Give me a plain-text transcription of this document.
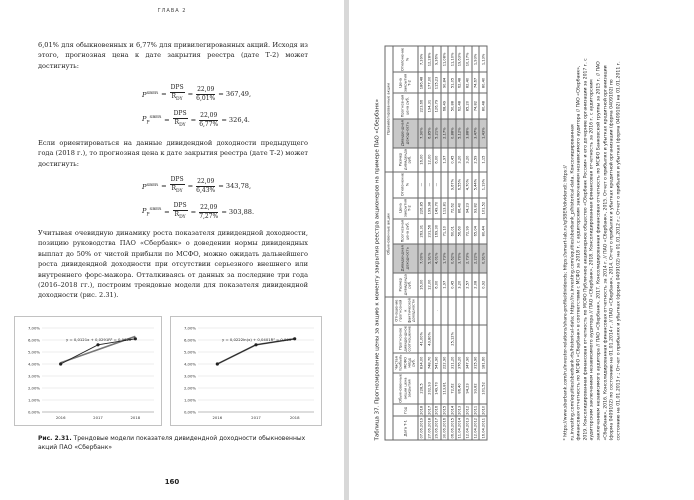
ГЛАВА 2

6,01% для обыкновенных и 6,77% для привилегированных акций. Исходя из этого, прогнозная цена к дате закрытия реестра (дате Т-2) может достигнуть:

$P^{SBER} = \frac{\text{DPS}}{R_{DY}} = \frac{22,09}{6,01\%} = 367,49$,
$P_P^{SBER} = \frac{\text{DPS}}{R_{DY}} = \frac{22,09}{6,77\%} = 326,4$.

Если ориентироваться на данные дивидендной доходности предыдущего года (2018 г.), то прогнозная цена к дате закрытия реестра (дате Т-2) может достигнуть:

$P^{SBER} = \frac{\text{DPS}}{R_{DY}} = \frac{22,09}{6,43\%} = 343,78$,
$P_P^{SBER} = \frac{\text{DPS}}{R_{DY}} = \frac{22,09}{7,27\%} = 303,88$.

Учитывая очевидную динамику роста показателя дивидендной доходности, позицию руководства ПАО «Сбербанк» о доведении нормы дивидендных выплат до 50% от чистой прибыли по МСФО, можно ожидать дальнейшего роста дивидендной доходности при отсутствии серьезного внешнего или внутреннего форс-мажора. Отталкиваясь от данных за последние три года (2016–2018 гг.), построим трендовые модели для показателя дивидендной доходности (рис. 2.31).

0,00%
1,00%
2,00%
3,00%
4,00%
5,00%
6,00%
7,00%
2016	2017	2018
y = 0,0121x + 0,0291R² = 0,9675
0,00%
1,00%
2,00%
3,00%
4,00%
5,00%
6,00%
7,00%
2016	2017	2018
y = 0,0222ln(x) + 0,0401R² = 0,999
Рис. 2.31. Трендовые модели показателя дивидендной доходности обыкновенных акций ПАО «Сбербанк»
160
Таблица 37. Прогнозирование цены за акцию к моменту закрытия реестра акционеров на примере ПАО «Сбербанк»
						Обыкновенные акции					Привилегированные акции				
Дата Т-1	Год	Обыкновенные акции цена закрытия	Чистая прибыль МСФО млрд руб.	Прогнозное дивидендное соотношение	Отношение прогнозной к фактической доходности	Размер дивиденда руб.	Дивидендная доходность	Прогнозная цена руб.	Цена закрытия Т-2	Отклонение %	Размер дивиденда руб.	Дивидендная доходность	Прогнозная цена руб.	Цена закрытия Т-2	Отклонение %
07.06.2019	2018	228,5	834,00	41,00%		16,00	7,00%	263,31	226,85	—	16,00	7,90%	223,66	186,48	7,39%
27.06.2018	2017	202,93	748,70	43,80%		12,00	5,91%	231,56	199,98	—	12,00	6,85%	194,31	177,00	12,28%
29.06.2017	2016	149,70	541,90		.	6,00	4,01%	169,30	149,70	—	6,00	5,21%	126,79	115,23	9,36%
30.06.2016	2015	113,81	222,90			1,97	1,73%	71,10	113,81		1,97	2,17%	68,49	90,84	11,08%
06.06.2015	2014	72,62	311,20	25,12%		0,45	0,62%	60,01	72,62	9,67%	0,45	0,88%	50,88	51,05	11,10%
11.04.2014	2013	86,40	376,20			3,20	3,70%	56,60	86,40	6,55%	3,20	5,12%	62,48	62,48	19,63%
12.04.2013	2012	94,23	347,90			2,57	2,73%	72,99	94,23	4,70%	3,20	3,88%	85,20	82,40	10,17%
12.04.2012	2011	93,82	315,90			2,08	2,22%	65,04	93,82	5,44%	2,59	3,47%	74,82	74,67	1,93%
16.04.2011	2010	101,52	181,60			0,92	0,91%	80,44	101,52	1,19%	1,15	1,43%	80,48	80,40	1,13%

* https://www.sberbank.com/ru/investor-relations/share-profile/dividends; https://smart-lab.ru/q/SBER/dividend/; https:// ru.investing.com/equities/sberbank-rts/historical-data; https://ru.investing.com/equities/sberbank_p/historical-data. Консолидированная финансовая отчетность по МСФО «Сбербанк» в соответствии с МСФО за 2018 г. с аудиторским заключением независимого аудитора // ПАО «Сбербанк», 2019. Консолидированная финансовая отчетность по МСФО Публичное акционерное общество «Сбербанк России» и его дочерние организации за 2017 г. с аудиторским заключением независимого аудитора // ПАО «Сбербанк», 2018. Консолидированная финансовая отчетность за 2016 г. с аудиторским заключением независимого аудитора // ПАО «Сбербанк», 2017. Консолидированная финансовая отчетность по МСФО Банковской группы за 2015 г. // ПАО «Сбербанк», 2016. Консолидированная финансовая отчетность за 2014 г. // ПАО «Сбербанк», 2015. Отчет о прибылях и убытках кредитной организации (форма 0409102) по состоянию на 01.01.2014 г. // ПАО «Сбербанк», 2014. Отчет о прибылях и убытках кредитной организации (форма 0409102) по состоянию на 01.01.2013 г.; Отчет о прибылях и убытках (форма 0409102) на 01.01.2012 г.; Отчет о прибылях и убытках (форма 0409102) на 01.01.2011 г.
